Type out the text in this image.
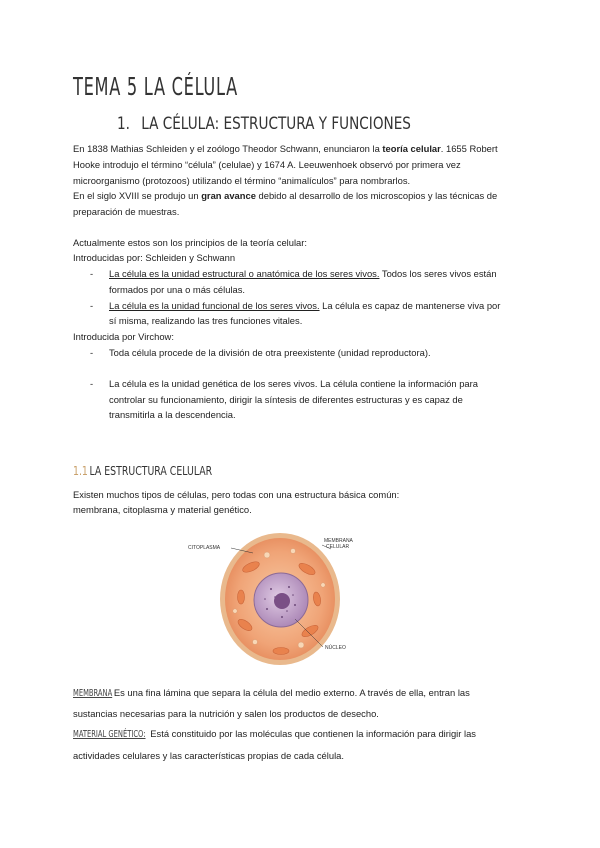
TEMA 5 LA CÉLULA
1. LA CÉLULA: ESTRUCTURA Y FUNCIONES
En 1838 Mathias Schleiden y el zoólogo Theodor Schwann, enunciaron la teoría celular. 1655 Robert
Hooke introdujo el término “célula” (celulae) y 1674 A. Leeuwenhoek observó por primera vez
microorganismo (protozoos) utilizando el término “animalículos” para nombrarlos.
En el siglo XVIII se produjo un gran avance debido al desarrollo de los microscopios y las técnicas de
preparación de muestras.
Actualmente estos son los principios de la teoría celular:
Introducidas por: Schleiden y Schwann
- La célula es la unidad estructural o anatómica de los seres vivos. Todos los seres vivos están
formados por una o más células.
- La célula es la unidad funcional de los seres vivos. La célula es capaz de mantenerse viva por
sí misma, realizando las tres funciones vitales.
Introducida por Virchow:
- Toda célula procede de la división de otra preexistente (unidad reproductora).
- La célula es la unidad genética de los seres vivos. La célula contiene la información para
controlar su funcionamiento, dirigir la síntesis de diferentes estructuras y es capaz de
transmitirla a la descendencia.
1.1 LA ESTRUCTURA CELULAR
Existen muchos tipos de células, pero todas con una estructura básica común:
membrana, citoplasma y material genético.
CITOPLASMA
MEMBRANA
CELULAR
NÚCLEO
MEMBRANA Es una fina lámina que separa la célula del medio externo. A través de ella, entran las
sustancias necesarias para la nutrición y salen los productos de desecho.
MATERIAL GENÉTICO: Está constituido por las moléculas que contienen la información para dirigir las
actividades celulares y las características propias de cada célula.
